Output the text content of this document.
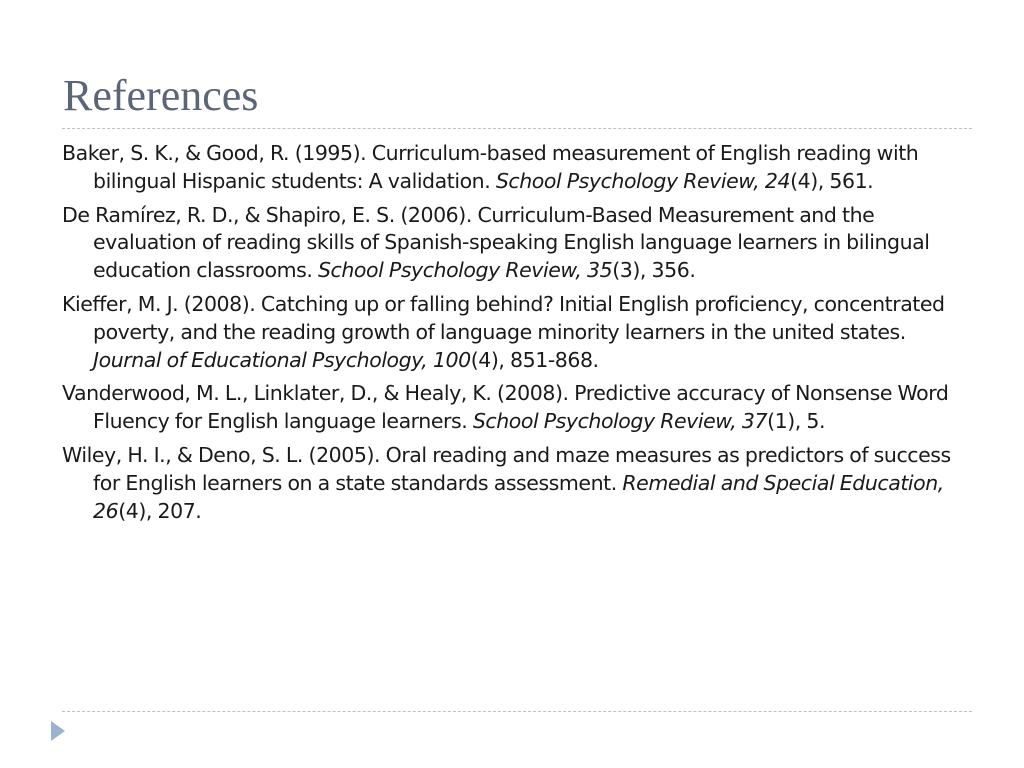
References

Baker, S. K., & Good, R. (1995). Curriculum-based measurement of English reading with bilingual Hispanic students: A validation. School Psychology Review, 24(4), 561.

De Ramírez, R. D., & Shapiro, E. S. (2006). Curriculum-Based Measurement and the evaluation of reading skills of Spanish-speaking English language learners in bilingual education classrooms. School Psychology Review, 35(3), 356.

Kieffer, M. J. (2008). Catching up or falling behind? Initial English proficiency, concentrated poverty, and the reading growth of language minority learners in the united states. Journal of Educational Psychology, 100(4), 851-868.

Vanderwood, M. L., Linklater, D., & Healy, K. (2008). Predictive accuracy of Nonsense Word Fluency for English language learners. School Psychology Review, 37(1), 5.

Wiley, H. I., & Deno, S. L. (2005). Oral reading and maze measures as predictors of success for English learners on a state standards assessment. Remedial and Special Education, 26(4), 207.
